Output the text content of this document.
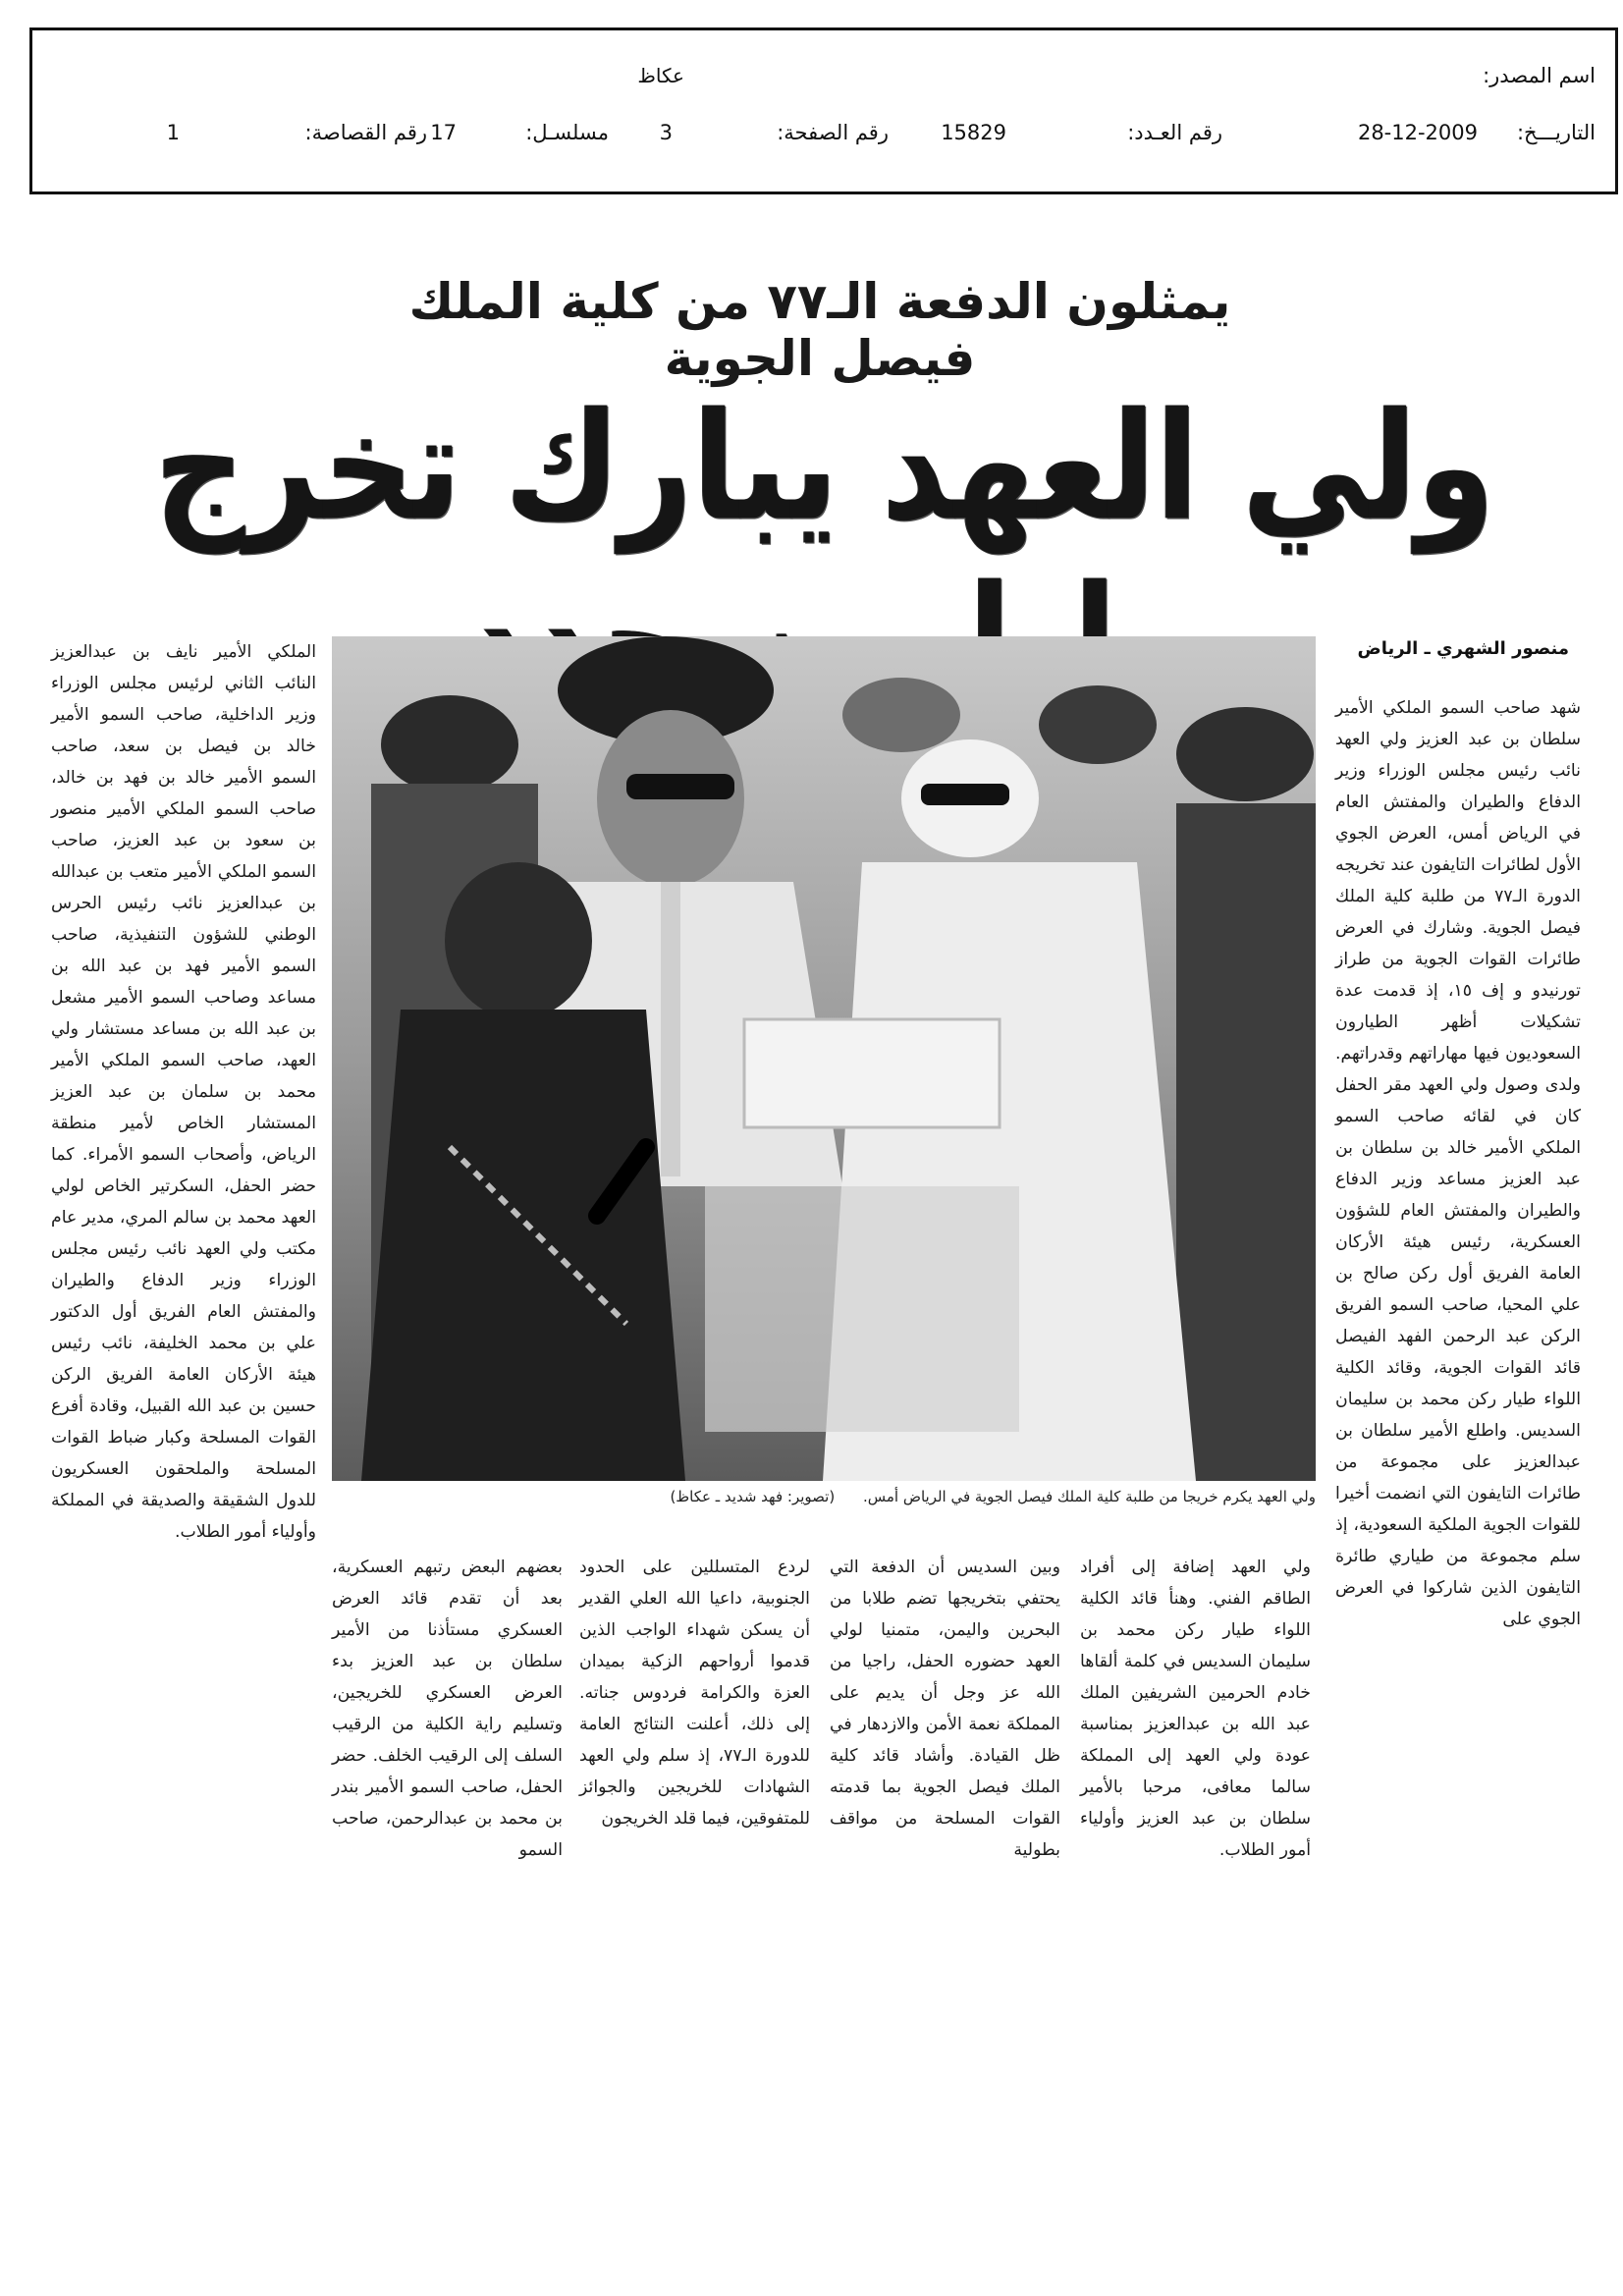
عكاظ	اسم المصدر:
التاريـــخ:
28-12-2009
رقم العـدد:
15829
رقم الصفحة:
3
مسلسـل:
17
رقم القصاصة:
1
يمثلون الدفعة الـ٧٧ من كلية الملك فيصل الجوية
ولي العهد يبارك تخرج
منصور الشهري ـ الرياض

شهد صاحب السمو الملكي الأمير سلطان بن عبد العزيز ولي العهد نائب رئيس مجلس الوزراء وزير الدفاع والطيران والمفتش العام في الرياض أمس، العرض الجوي الأول لطائرات التايفون عند تخريجه الدورة الـ٧٧ من طلبة كلية الملك فيصل الجوية. وشارك في العرض طائرات القوات الجوية من طراز تورنيدو و إف ١٥، إذ قدمت عدة تشكيلات أظهر الطيارون السعوديون فيها مهاراتهم وقدراتهم. ولدى وصول ولي العهد مقر الحفل كان في لقائه صاحب السمو الملكي الأمير خالد بن سلطان بن عبد العزيز مساعد وزير الدفاع والطيران والمفتش العام للشؤون العسكرية، رئيس هيئة الأركان العامة الفريق أول ركن صالح بن علي المحيا، صاحب السمو الفريق الركن عبد الرحمن الفهد الفيصل قائد القوات الجوية، وقائد الكلية اللواء طيار ركن محمد بن سليمان السديس. واطلع الأمير سلطان بن عبدالعزيز على مجموعة من طائرات التايفون التي انضمت أخيرا للقوات الجوية الملكية السعودية، إذ سلم مجموعة من طياري طائرة التايفون الذين شاركوا في العرض الجوي على

الملكي الأمير نايف بن عبدالعزيز النائب الثاني لرئيس مجلس الوزراء وزير الداخلية، صاحب السمو الأمير خالد بن فيصل بن سعد، صاحب السمو الأمير خالد بن فهد بن خالد، صاحب السمو الملكي الأمير منصور بن سعود بن عبد العزيز، صاحب السمو الملكي الأمير متعب بن عبدالله بن عبدالعزيز نائب رئيس الحرس الوطني للشؤون التنفيذية، صاحب السمو الأمير فهد بن عبد الله بن مساعد وصاحب السمو الأمير مشعل بن عبد الله بن مساعد مستشار ولي العهد، صاحب السمو الملكي الأمير محمد بن سلمان بن عبد العزيز المستشار الخاص لأمير منطقة الرياض، وأصحاب السمو الأمراء. كما حضر الحفل، السكرتير الخاص لولي العهد محمد بن سالم المري، مدير عام مكتب ولي العهد نائب رئيس مجلس الوزراء وزير الدفاع والطيران والمفتش العام الفريق أول الدكتور علي بن محمد الخليفة، نائب رئيس هيئة الأركان العامة الفريق الركن حسين بن عبد الله القبيل، وقادة أفرع القوات المسلحة وكبار ضباط القوات المسلحة والملحقون العسكريون للدول الشقيقة والصديقة في المملكة وأولياء أمور الطلاب.

ولي العهد يكرم خريجا من طلبة كلية الملك فيصل الجوية في الرياض أمس. (تصوير: فهد شديد ـ عكاظ)

ولي العهد إضافة إلى أفراد الطاقم الفني. وهنأ قائد الكلية اللواء طيار ركن محمد بن سليمان السديس في كلمة ألقاها خادم الحرمين الشريفين الملك عبد الله بن عبدالعزيز بمناسبة عودة ولي العهد إلى المملكة سالما معافى، مرحبا بالأمير سلطان بن عبد العزيز وأولياء أمور الطلاب.

وبين السديس أن الدفعة التي يحتفي بتخريجها تضم طلابا من البحرين واليمن، متمنيا لولي العهد حضوره الحفل، راجيا من الله عز وجل أن يديم على المملكة نعمة الأمن والازدهار في ظل القيادة. وأشاد قائد كلية الملك فيصل الجوية بما قدمته القوات المسلحة من مواقف بطولية

لردع المتسللين على الحدود الجنوبية، داعيا الله العلي القدير أن يسكن شهداء الواجب الذين قدموا أرواحهم الزكية بميدان العزة والكرامة فردوس جناته. إلى ذلك، أعلنت النتائج العامة للدورة الـ٧٧، إذ سلم ولي العهد الشهادات للخريجين والجوائز للمتفوقين، فيما قلد الخريجون

بعضهم البعض رتبهم العسكرية، بعد أن تقدم قائد العرض العسكري مستأذنا من الأمير سلطان بن عبد العزيز بدء العرض العسكري للخريجين، وتسليم راية الكلية من الرقيب السلف إلى الرقيب الخلف. حضر الحفل، صاحب السمو الأمير بندر بن محمد بن عبدالرحمن، صاحب السمو
